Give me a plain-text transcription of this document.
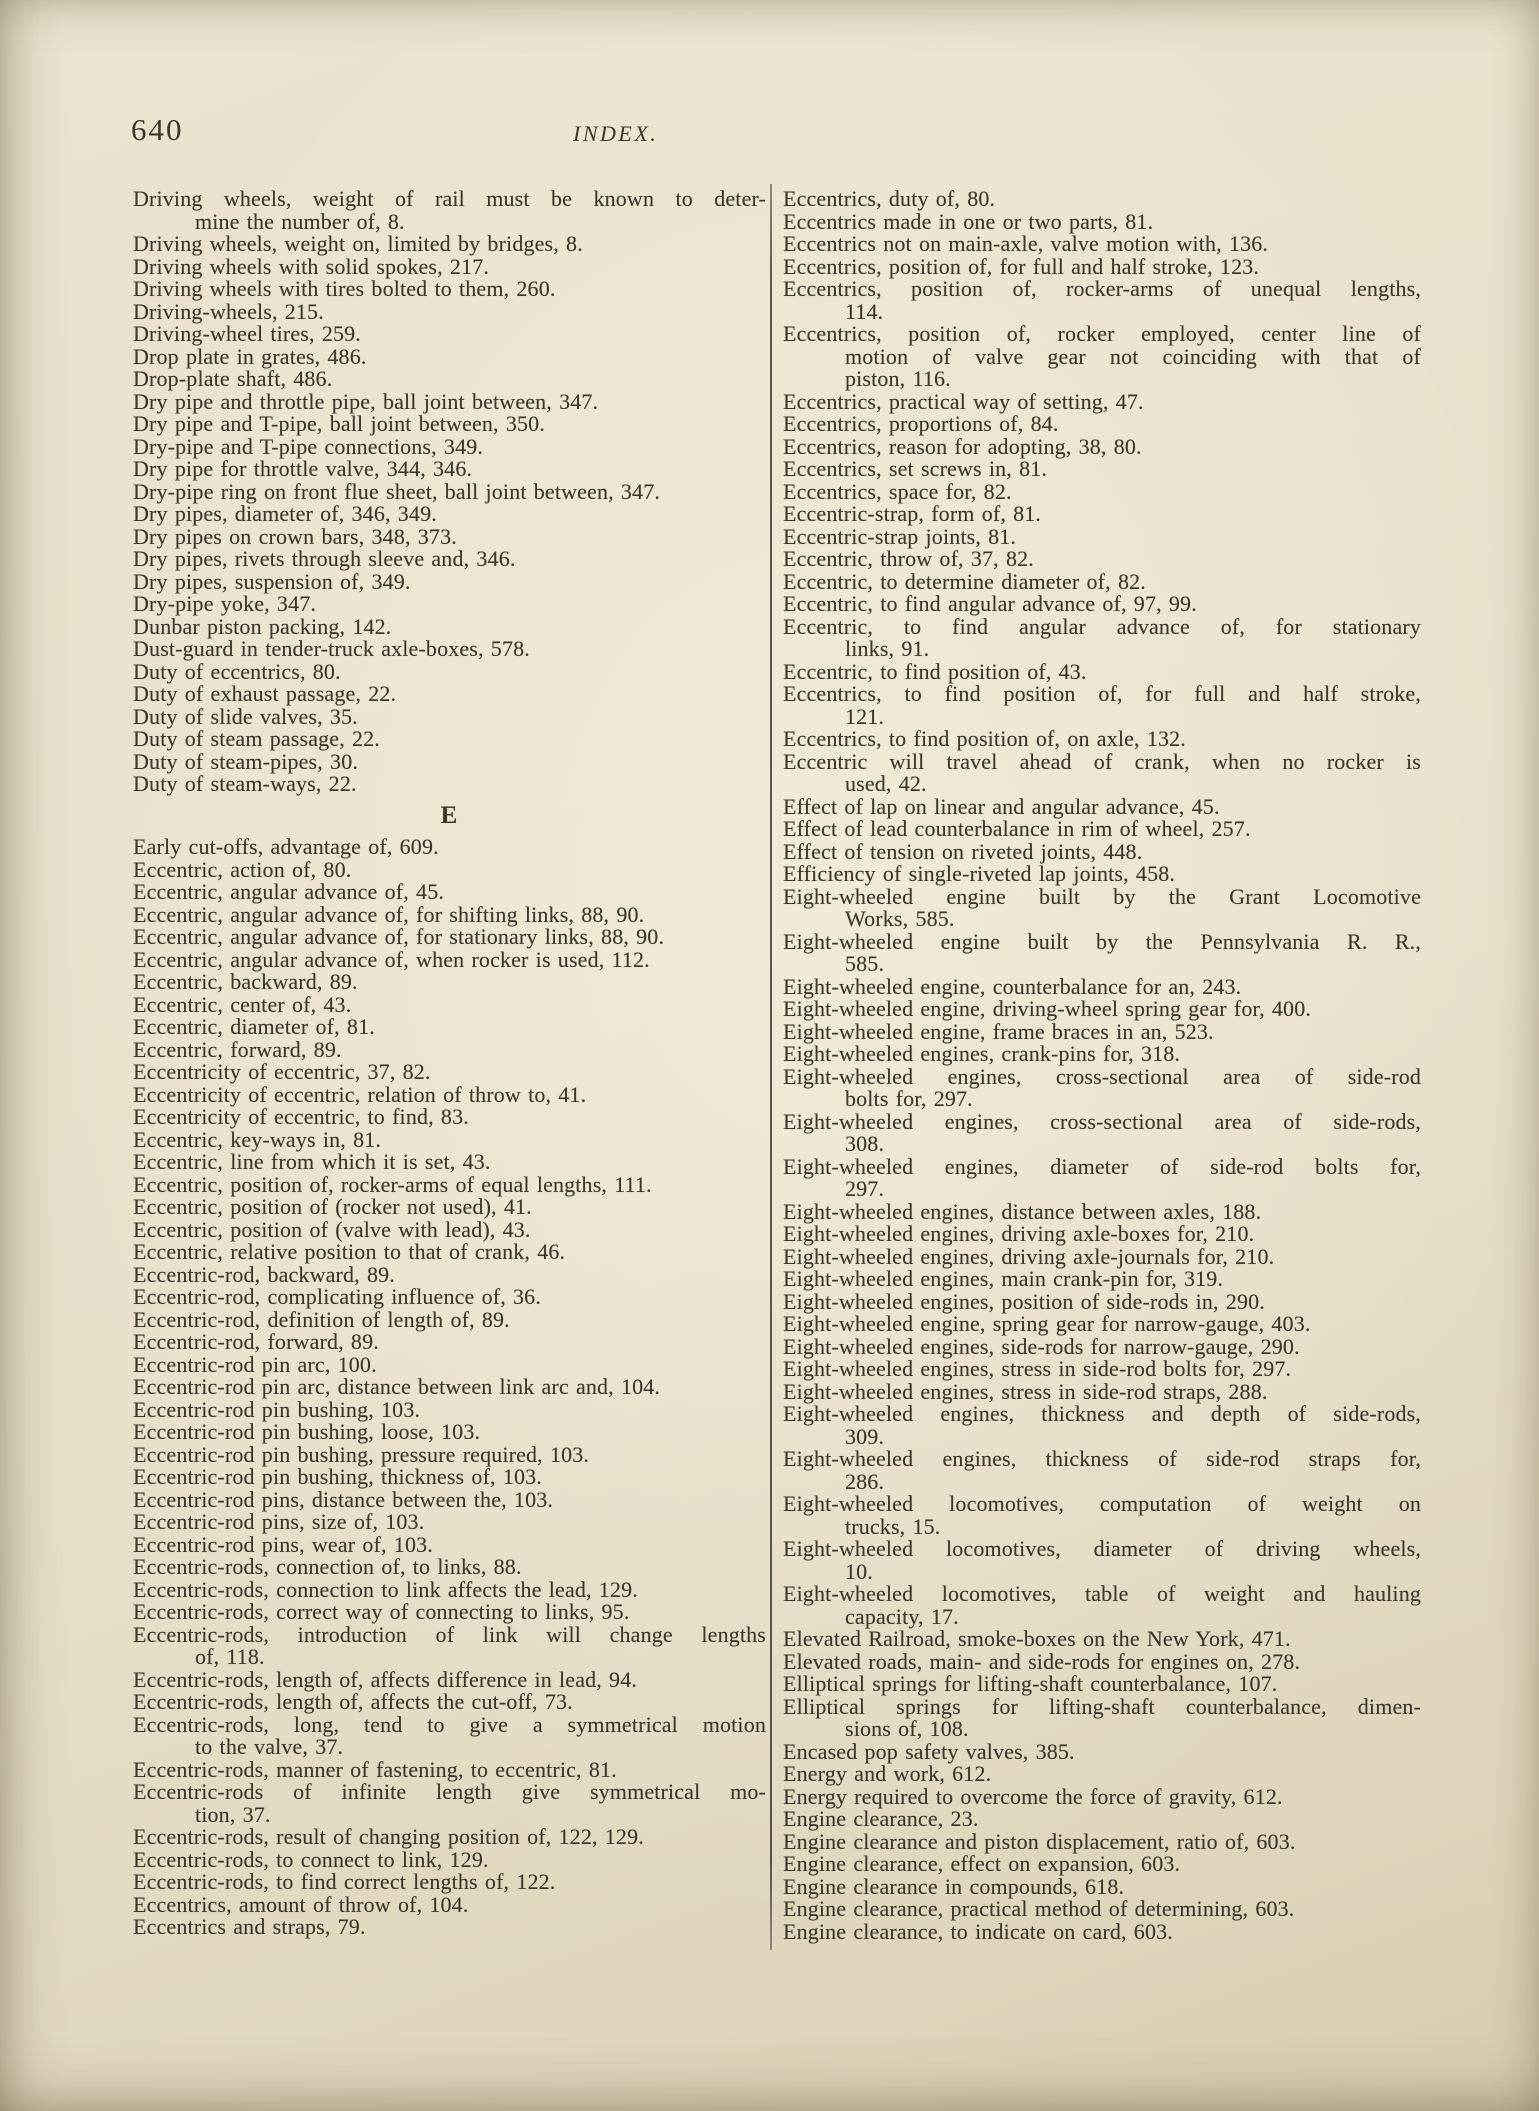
640	INDEX.
Driving wheels, weight of rail must be known to deter-
mine the number of, 8.
Driving wheels, weight on, limited by bridges, 8.
Driving wheels with solid spokes, 217.
Driving wheels with tires bolted to them, 260.
Driving-wheels, 215.
Driving-wheel tires, 259.
Drop plate in grates, 486.
Drop-plate shaft, 486.
Dry pipe and throttle pipe, ball joint between, 347.
Dry pipe and T-pipe, ball joint between, 350.
Dry-pipe and T-pipe connections, 349.
Dry pipe for throttle valve, 344, 346.
Dry-pipe ring on front flue sheet, ball joint between, 347.
Dry pipes, diameter of, 346, 349.
Dry pipes on crown bars, 348, 373.
Dry pipes, rivets through sleeve and, 346.
Dry pipes, suspension of, 349.
Dry-pipe yoke, 347.
Dunbar piston packing, 142.
Dust-guard in tender-truck axle-boxes, 578.
Duty of eccentrics, 80.
Duty of exhaust passage, 22.
Duty of slide valves, 35.
Duty of steam passage, 22.
Duty of steam-pipes, 30.
Duty of steam-ways, 22.
E
Early cut-offs, advantage of, 609.
Eccentric, action of, 80.
Eccentric, angular advance of, 45.
Eccentric, angular advance of, for shifting links, 88, 90.
Eccentric, angular advance of, for stationary links, 88, 90.
Eccentric, angular advance of, when rocker is used, 112.
Eccentric, backward, 89.
Eccentric, center of, 43.
Eccentric, diameter of, 81.
Eccentric, forward, 89.
Eccentricity of eccentric, 37, 82.
Eccentricity of eccentric, relation of throw to, 41.
Eccentricity of eccentric, to find, 83.
Eccentric, key-ways in, 81.
Eccentric, line from which it is set, 43.
Eccentric, position of, rocker-arms of equal lengths, 111.
Eccentric, position of (rocker not used), 41.
Eccentric, position of (valve with lead), 43.
Eccentric, relative position to that of crank, 46.
Eccentric-rod, backward, 89.
Eccentric-rod, complicating influence of, 36.
Eccentric-rod, definition of length of, 89.
Eccentric-rod, forward, 89.
Eccentric-rod pin arc, 100.
Eccentric-rod pin arc, distance between link arc and, 104.
Eccentric-rod pin bushing, 103.
Eccentric-rod pin bushing, loose, 103.
Eccentric-rod pin bushing, pressure required, 103.
Eccentric-rod pin bushing, thickness of, 103.
Eccentric-rod pins, distance between the, 103.
Eccentric-rod pins, size of, 103.
Eccentric-rod pins, wear of, 103.
Eccentric-rods, connection of, to links, 88.
Eccentric-rods, connection to link affects the lead, 129.
Eccentric-rods, correct way of connecting to links, 95.
Eccentric-rods, introduction of link will change lengths
of, 118.
Eccentric-rods, length of, affects difference in lead, 94.
Eccentric-rods, length of, affects the cut-off, 73.
Eccentric-rods, long, tend to give a symmetrical motion
to the valve, 37.
Eccentric-rods, manner of fastening, to eccentric, 81.
Eccentric-rods of infinite length give symmetrical mo-
tion, 37.
Eccentric-rods, result of changing position of, 122, 129.
Eccentric-rods, to connect to link, 129.
Eccentric-rods, to find correct lengths of, 122.
Eccentrics, amount of throw of, 104.
Eccentrics and straps, 79.
Eccentrics, duty of, 80.
Eccentrics made in one or two parts, 81.
Eccentrics not on main-axle, valve motion with, 136.
Eccentrics, position of, for full and half stroke, 123.
Eccentrics, position of, rocker-arms of unequal lengths,
114.
Eccentrics, position of, rocker employed, center line of
motion of valve gear not coinciding with that of
piston, 116.
Eccentrics, practical way of setting, 47.
Eccentrics, proportions of, 84.
Eccentrics, reason for adopting, 38, 80.
Eccentrics, set screws in, 81.
Eccentrics, space for, 82.
Eccentric-strap, form of, 81.
Eccentric-strap joints, 81.
Eccentric, throw of, 37, 82.
Eccentric, to determine diameter of, 82.
Eccentric, to find angular advance of, 97, 99.
Eccentric, to find angular advance of, for stationary
links, 91.
Eccentric, to find position of, 43.
Eccentrics, to find position of, for full and half stroke,
121.
Eccentrics, to find position of, on axle, 132.
Eccentric will travel ahead of crank, when no rocker is
used, 42.
Effect of lap on linear and angular advance, 45.
Effect of lead counterbalance in rim of wheel, 257.
Effect of tension on riveted joints, 448.
Efficiency of single-riveted lap joints, 458.
Eight-wheeled engine built by the Grant Locomotive
Works, 585.
Eight-wheeled engine built by the Pennsylvania R. R.,
585.
Eight-wheeled engine, counterbalance for an, 243.
Eight-wheeled engine, driving-wheel spring gear for, 400.
Eight-wheeled engine, frame braces in an, 523.
Eight-wheeled engines, crank-pins for, 318.
Eight-wheeled engines, cross-sectional area of side-rod
bolts for, 297.
Eight-wheeled engines, cross-sectional area of side-rods,
308.
Eight-wheeled engines, diameter of side-rod bolts for,
297.
Eight-wheeled engines, distance between axles, 188.
Eight-wheeled engines, driving axle-boxes for, 210.
Eight-wheeled engines, driving axle-journals for, 210.
Eight-wheeled engines, main crank-pin for, 319.
Eight-wheeled engines, position of side-rods in, 290.
Eight-wheeled engine, spring gear for narrow-gauge, 403.
Eight-wheeled engines, side-rods for narrow-gauge, 290.
Eight-wheeled engines, stress in side-rod bolts for, 297.
Eight-wheeled engines, stress in side-rod straps, 288.
Eight-wheeled engines, thickness and depth of side-rods,
309.
Eight-wheeled engines, thickness of side-rod straps for,
286.
Eight-wheeled locomotives, computation of weight on
trucks, 15.
Eight-wheeled locomotives, diameter of driving wheels,
10.
Eight-wheeled locomotives, table of weight and hauling
capacity, 17.
Elevated Railroad, smoke-boxes on the New York, 471.
Elevated roads, main- and side-rods for engines on, 278.
Elliptical springs for lifting-shaft counterbalance, 107.
Elliptical springs for lifting-shaft counterbalance, dimen-
sions of, 108.
Encased pop safety valves, 385.
Energy and work, 612.
Energy required to overcome the force of gravity, 612.
Engine clearance, 23.
Engine clearance and piston displacement, ratio of, 603.
Engine clearance, effect on expansion, 603.
Engine clearance in compounds, 618.
Engine clearance, practical method of determining, 603.
Engine clearance, to indicate on card, 603.
